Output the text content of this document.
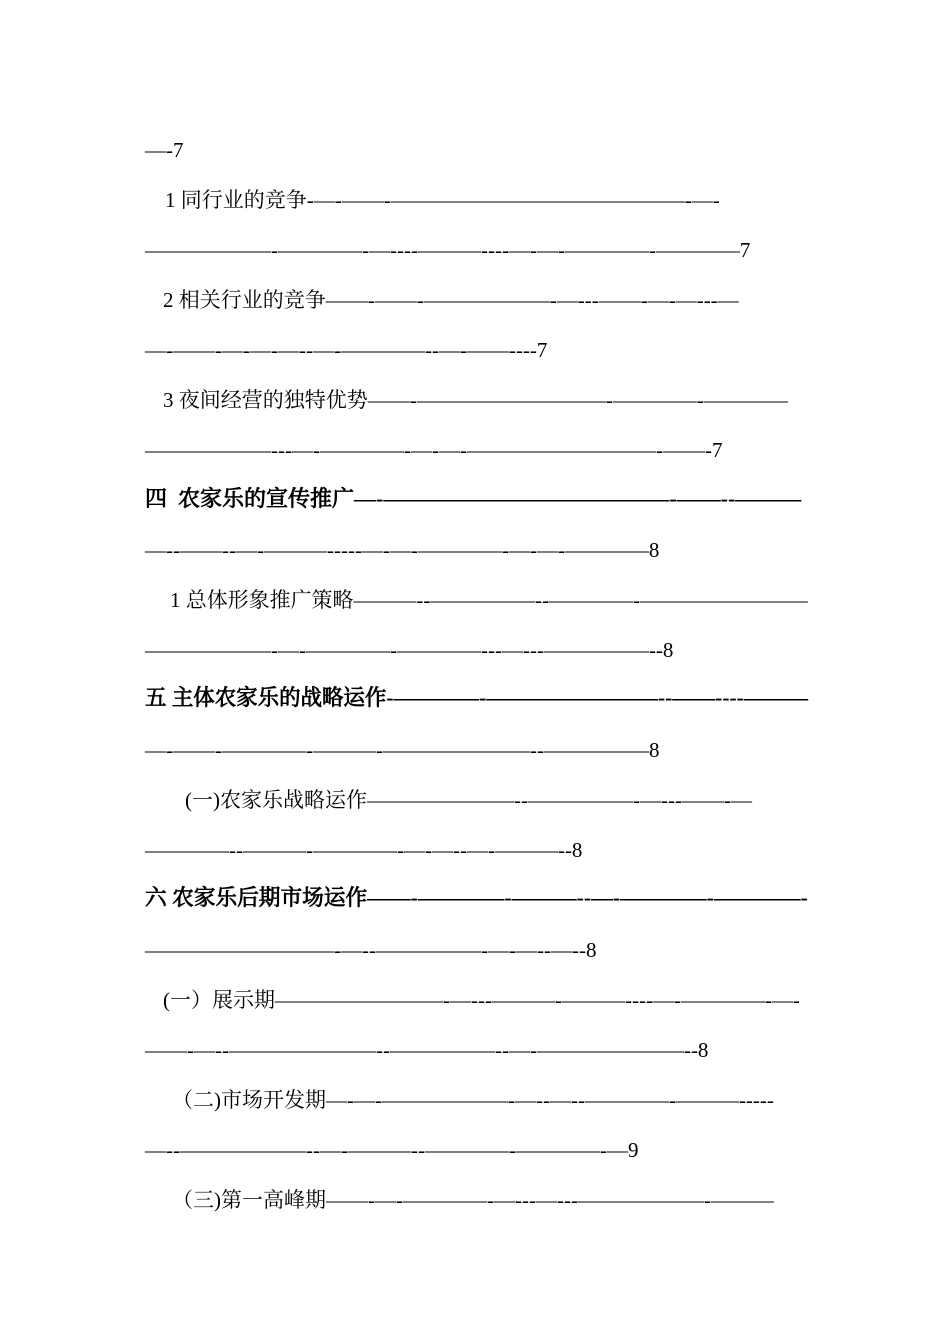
—-7
1 同行业的竞争-—-——-——————————————-—-
——————-————-—----———----—-—-————-————7
2 相关行业的竞争——-——-——————-—---——-—-—---—
—-——-—-—-—--—-————--—-——----7
3 夜间经营的独特优势——-—————————-————-————
——————---—-————-—-—-—————————-——-7
四  农家乐的宣传推广—-—————————————-——--———
—--——--—-———-----—-—-————-—-—-————8
1 总体形象推广策略———--—————--————-————————
——————-—-————-————---—---—————--8
五 主体农家乐的战略运作-————-————————--——----———
—-——-————-———-———————--—————8
(一)农家乐战略运作———————--—————-—---——-—
————--———-————-—-—--—-———--8
六 农家乐后期市场运作——-————-———--—-————-————-
—————————-—--—————-—-—--—--8
(一）展示期————————-—---———-———----—-————-—-
——-—--———————--—————--—-———————--8
（二)市场开发期—-—-——————-—--—--————-———-----
—--——————--—-———--————-————-—9
（三)第一高峰期——-—-————-—---—---——————-———
